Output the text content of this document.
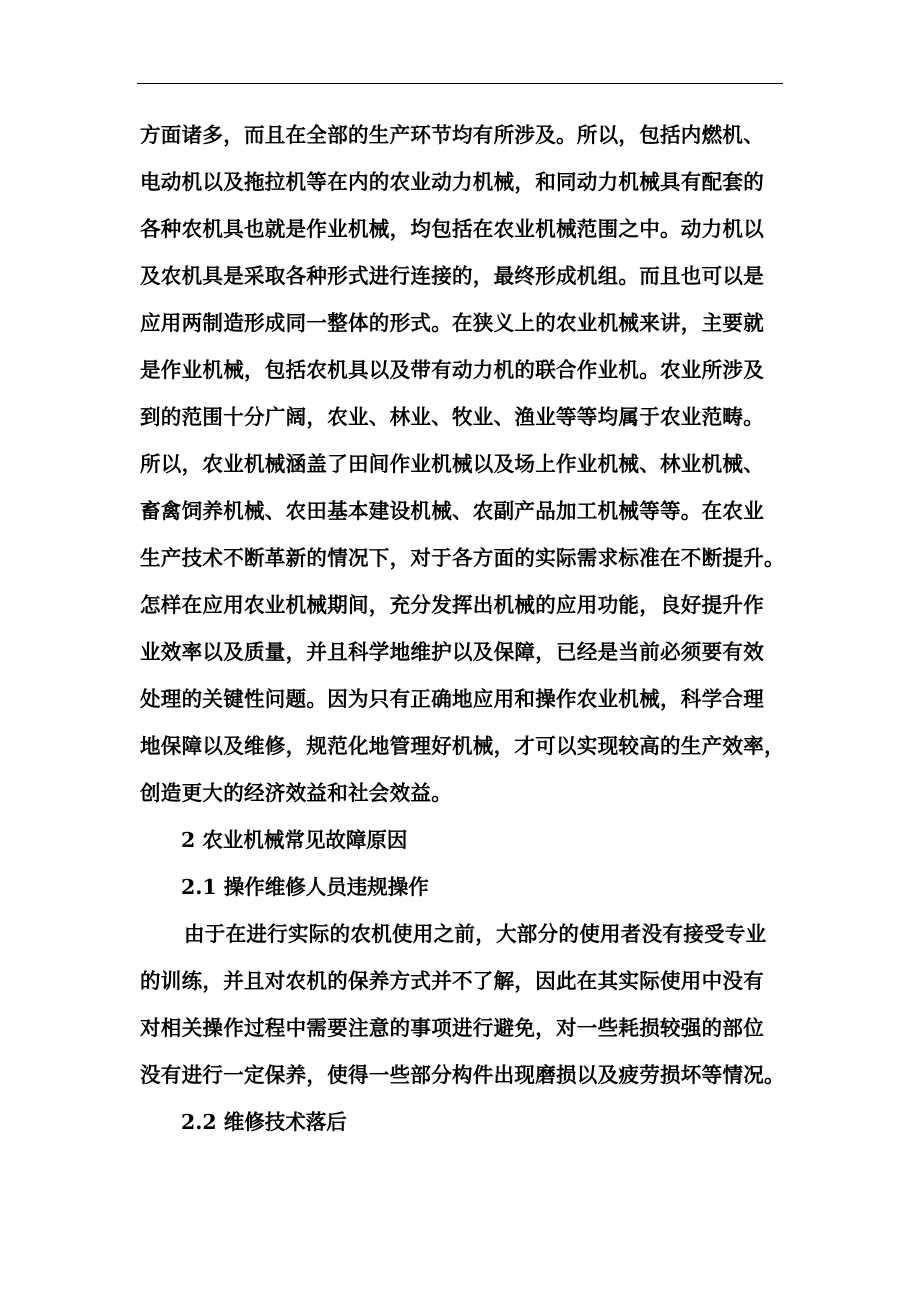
方面诸多，而且在全部的生产环节均有所涉及。所以，包括内燃机、
电动机以及拖拉机等在内的农业动力机械，和同动力机械具有配套的
各种农机具也就是作业机械，均包括在农业机械范围之中。动力机以
及农机具是采取各种形式进行连接的，最终形成机组。而且也可以是
应用两制造形成同一整体的形式。在狭义上的农业机械来讲，主要就
是作业机械，包括农机具以及带有动力机的联合作业机。农业所涉及
到的范围十分广阔，农业、林业、牧业、渔业等等均属于农业范畴。
所以，农业机械涵盖了田间作业机械以及场上作业机械、林业机械、
畜禽饲养机械、农田基本建设机械、农副产品加工机械等等。在农业
生产技术不断革新的情况下，对于各方面的实际需求标准在不断提升。
怎样在应用农业机械期间，充分发挥出机械的应用功能，良好提升作
业效率以及质量，并且科学地维护以及保障，已经是当前必须要有效
处理的关键性问题。因为只有正确地应用和操作农业机械，科学合理
地保障以及维修，规范化地管理好机械，才可以实现较高的生产效率，
创造更大的经济效益和社会效益。
2 农业机械常见故障原因
2.1 操作维修人员违规操作
由于在进行实际的农机使用之前，大部分的使用者没有接受专业
的训练，并且对农机的保养方式并不了解，因此在其实际使用中没有
对相关操作过程中需要注意的事项进行避免，对一些耗损较强的部位
没有进行一定保养，使得一些部分构件出现磨损以及疲劳损坏等情况。
2.2 维修技术落后
